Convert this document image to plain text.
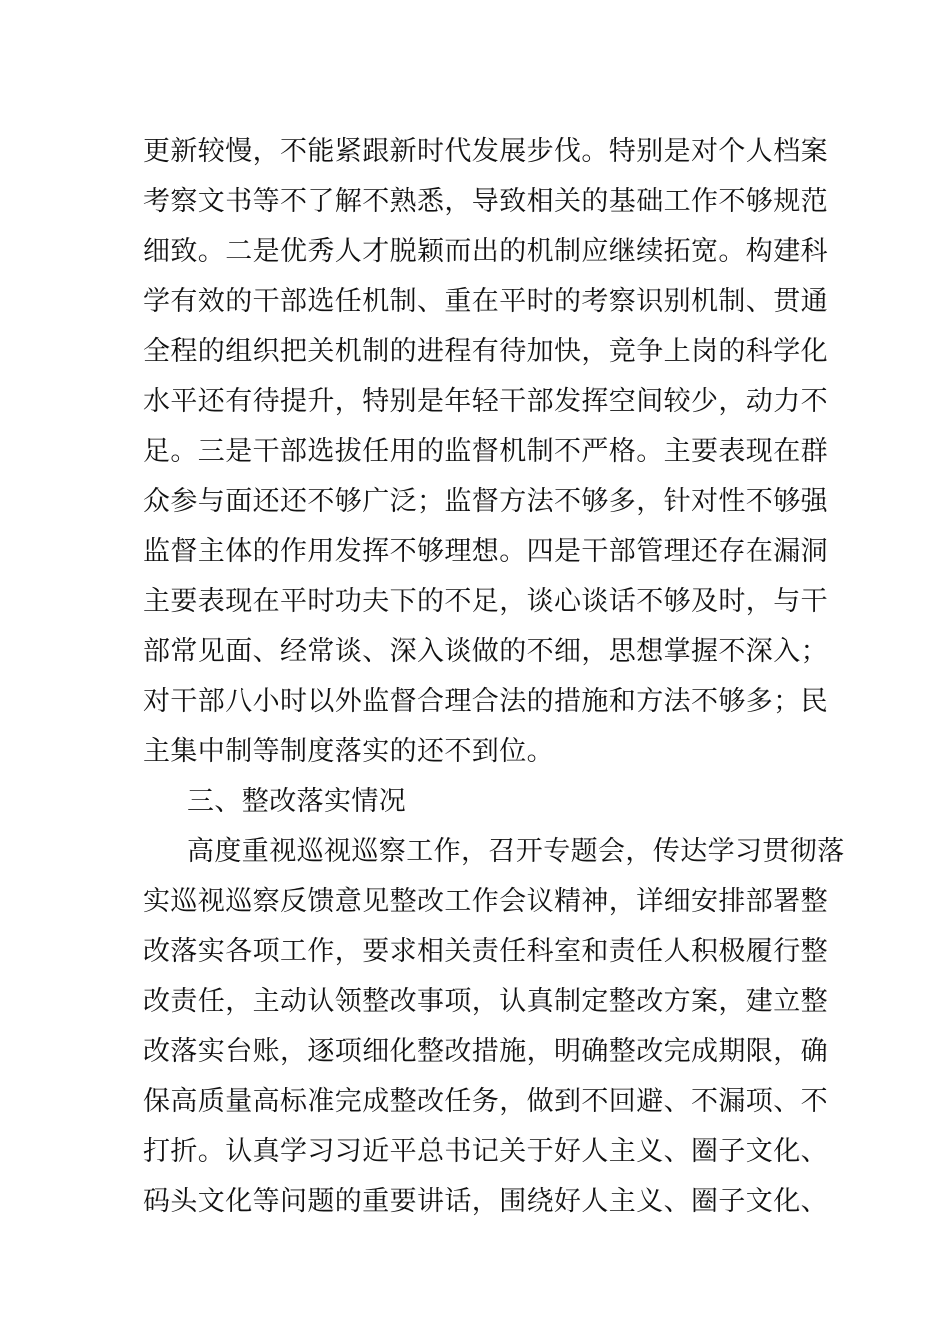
更新较慢，不能紧跟新时代发展步伐。特别是对个人档案
考察文书等不了解不熟悉，导致相关的基础工作不够规范
细致。二是优秀人才脱颖而出的机制应继续拓宽。构建科
学有效的干部选任机制、重在平时的考察识别机制、贯通
全程的组织把关机制的进程有待加快，竞争上岗的科学化
水平还有待提升，特别是年轻干部发挥空间较少，动力不
足。三是干部选拔任用的监督机制不严格。主要表现在群
众参与面还还不够广泛；监督方法不够多，针对性不够强
监督主体的作用发挥不够理想。四是干部管理还存在漏洞
主要表现在平时功夫下的不足，谈心谈话不够及时，与干
部常见面、经常谈、深入谈做的不细，思想掌握不深入；
对干部八小时以外监督合理合法的措施和方法不够多；民
主集中制等制度落实的还不到位。
三、整改落实情况
高度重视巡视巡察工作，召开专题会，传达学习贯彻落
实巡视巡察反馈意见整改工作会议精神，详细安排部署整
改落实各项工作，要求相关责任科室和责任人积极履行整
改责任，主动认领整改事项，认真制定整改方案，建立整
改落实台账，逐项细化整改措施，明确整改完成期限，确
保高质量高标准完成整改任务，做到不回避、不漏项、不
打折。认真学习习近平总书记关于好人主义、圈子文化、
码头文化等问题的重要讲话，围绕好人主义、圈子文化、
